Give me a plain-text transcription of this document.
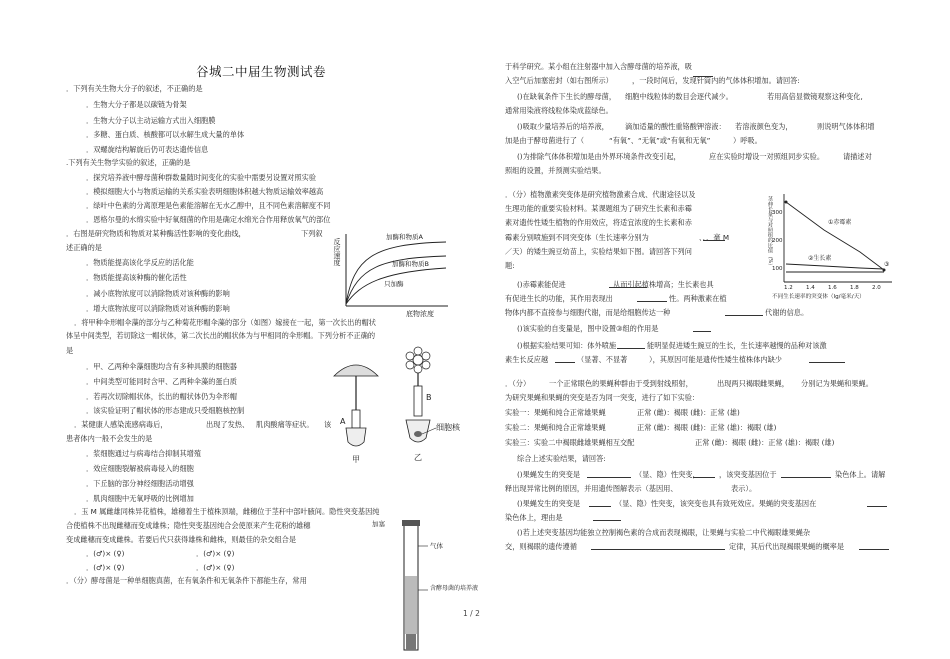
谷城二中届生物测试卷
．下列有关生物大分子的叙述，不正确的是
．生物大分子都是以碳链为骨架
．生物大分子以主动运输方式出入细胞膜
．多糖、蛋白质、核酸都可以水解生成大量的单体
．双螺旋结构解旋后仍可表达遗传信息
.下列有关生物学实验的叙述，正确的是
．探究培养液中酵母菌种群数量随时间变化的实验中需要另设置对照实验
．模拟细胞大小与物质运输的关系实验表明细胞体积越大物质运输效率越高
．绿叶中色素的分离原理是色素能溶解在无水乙醇中，且不同色素溶解度不同
．恩格尔曼的水绵实验中好氧细菌的作用是确定水绵光合作用释放氧气的部位
．右图是研究物质和物质对某种酶活性影响的变化曲线，	下列叙
述正确的是
．物质能提高该化学反应的活化能
．物质能提高该种酶的催化活性
．减小底物浓度可以消除物质对该种酶的影响
．增大底物浓度可以消除物质对该种酶的影响
．将甲种伞形帽伞藻的部分与乙种菊花形帽伞藻的部分（如图）嫁接在一起，第一次长出的帽状
体呈中间类型，若切除这一帽状体，第二次长出的帽状体为与甲相同的伞形帽。下列分析不正确的
是
．甲、乙两种伞藻细胞均含有多种具膜的细胞器
．中间类型可能同时含甲、乙两种伞藻的蛋白质
．若再次切除帽状体，长出的帽状体仍为伞形帽
．该实验证明了帽状体的形态建成只受细胞核控制
．某健康人感染流感病毒后，	出现了发热、 肌肉酸痛等症状。 该
患者体内一般不会发生的是
．浆细胞通过与病毒结合抑制其增殖
．效应细胞裂解被病毒侵入的细胞
．下丘脑的部分神经细胞活动增强
．肌肉细胞中无氧呼吸的比例增加
．玉 M 属雌雄同株异花植株，雄穗着生于植株顶端，雌穗位于茎秆中部叶腋间。隐性突变基因纯
合使植株不出现雌穗而变成雄株；隐性突变基因纯合会使原来产生花粉的雄穗
变成雌穗而变成雌株。若要后代只获得雄株和雌株，则最佳的杂交组合是
．(♂)× (♀)	．(♂)× (♀)
．(♂)× (♀)	．(♂)× (♀)
．（分）酵母菌是一种单细胞真菌，在有氧条件和无氧条件下都能生存，常用
于科学研究。某小组在注射器中加入含酵母菌的培养液，吸
入空气后加塞密封（如右图所示）	，一段时间后，发现针筒内的气体体积增加。请回答:
()在缺氧条件下生长的酵母菌， 细胞中线粒体的数目会逐代减少。	若用高倍显微镜观察这种变化,
通常用染液将线粒体染成蓝绿色。
()吸取少量培养后的培养液， 滴加适量的酸性重铬酸钾溶液： 若溶液颜色变为，	则说明气体体积增
加是由于酵母菌进行了（	“有氧”、“无氧”或“有氧和无氧”	）呼吸。
()为排除气体体积增加是由外界环境条件改变引起，	应在实验时增设一对照组同步实验。	请描述对
照组的设置，并预测实验结果。
．（分）植物激素突变体是研究植物激素合成、代谢途径以及
生理功能的重要实验材料。某课题组为了研究生长素和赤霉
素对遗传性矮生植物的作用效应，将适宜浓度的生长素和赤
霉素分别喷施到不同突变体（生长速率分别为	、、、毫 M
／天）的矮生豌豆幼苗上，实验结果如下图。请回答下列问
题:
()赤霉素能促进	从而引起植株增高；生长素也具
有促进生长的功能，其作用表现出	性。两种激素在植
物体内都不直接参与细胞代谢，而是给细胞传达一种	代谢的信息。
()该实验的自变量是，图中设置③组的作用是
()根据实验结果可知：体外喷施	能明显促进矮生豌豆的生长，生长速率越慢的品种对该激
素生长反应越	（显著、不显著	），其原因可能是遗传性矮生植株体内缺少
．（分）	一个正常眼色的果蝇种群由于受到射线照射，	出现两只褐眼雌果蝇， 分别记为果蝇和果蝇。
为研究果蝇和果蝇的突变是否为同一突变，进行了如下实验：
实验一：果蝇和纯合正常雄果蝇	正常 (雌)：褐眼 (雌)：正常 (雄)
实验二：果蝇和纯合正常雄果蝇	正常 (雌)：褐眼 (雌)：正常 (雄)：褐眼 (雄)
实验三：实验二中褐眼雌雄果蝇相互交配	正常 (雌)：褐眼 (雌)：正常 (雄)：褐眼 (雄)
综合上述实验结果，请回答:
()果蝇发生的突变是	（显、隐）性突变，	，该突变基因位于	染色体上。请解
释出现异常比例的原因，并用遗传图解表示（基因用、	表示）。
()果蝇发生的突变是	（显、隐）性突变，该突变也具有致死效应。果蝇的突变基因在
染色体上，理由是
()若上述突变基因均能独立控制褐色素的合成而表现褐眼，让果蝇与实验二中代褐眼雄果蝇杂
交，则褐眼的遗传遵循	定律，其后代出现褐眼果蝇的概率是
反应速度
底物浓度
加酶和物质A
加酶和物质B
只加酶
A
B
细胞核
甲	乙
加塞
气体
含酵母菌的培养液
茎伸长量与对照组的比值（%）
100
200
300
1.2 1.4 1.6 1.8 2.0
①赤霉素
②生长素
③
不同生长速率的突变体（lg/毫米/天）
1 / 2
